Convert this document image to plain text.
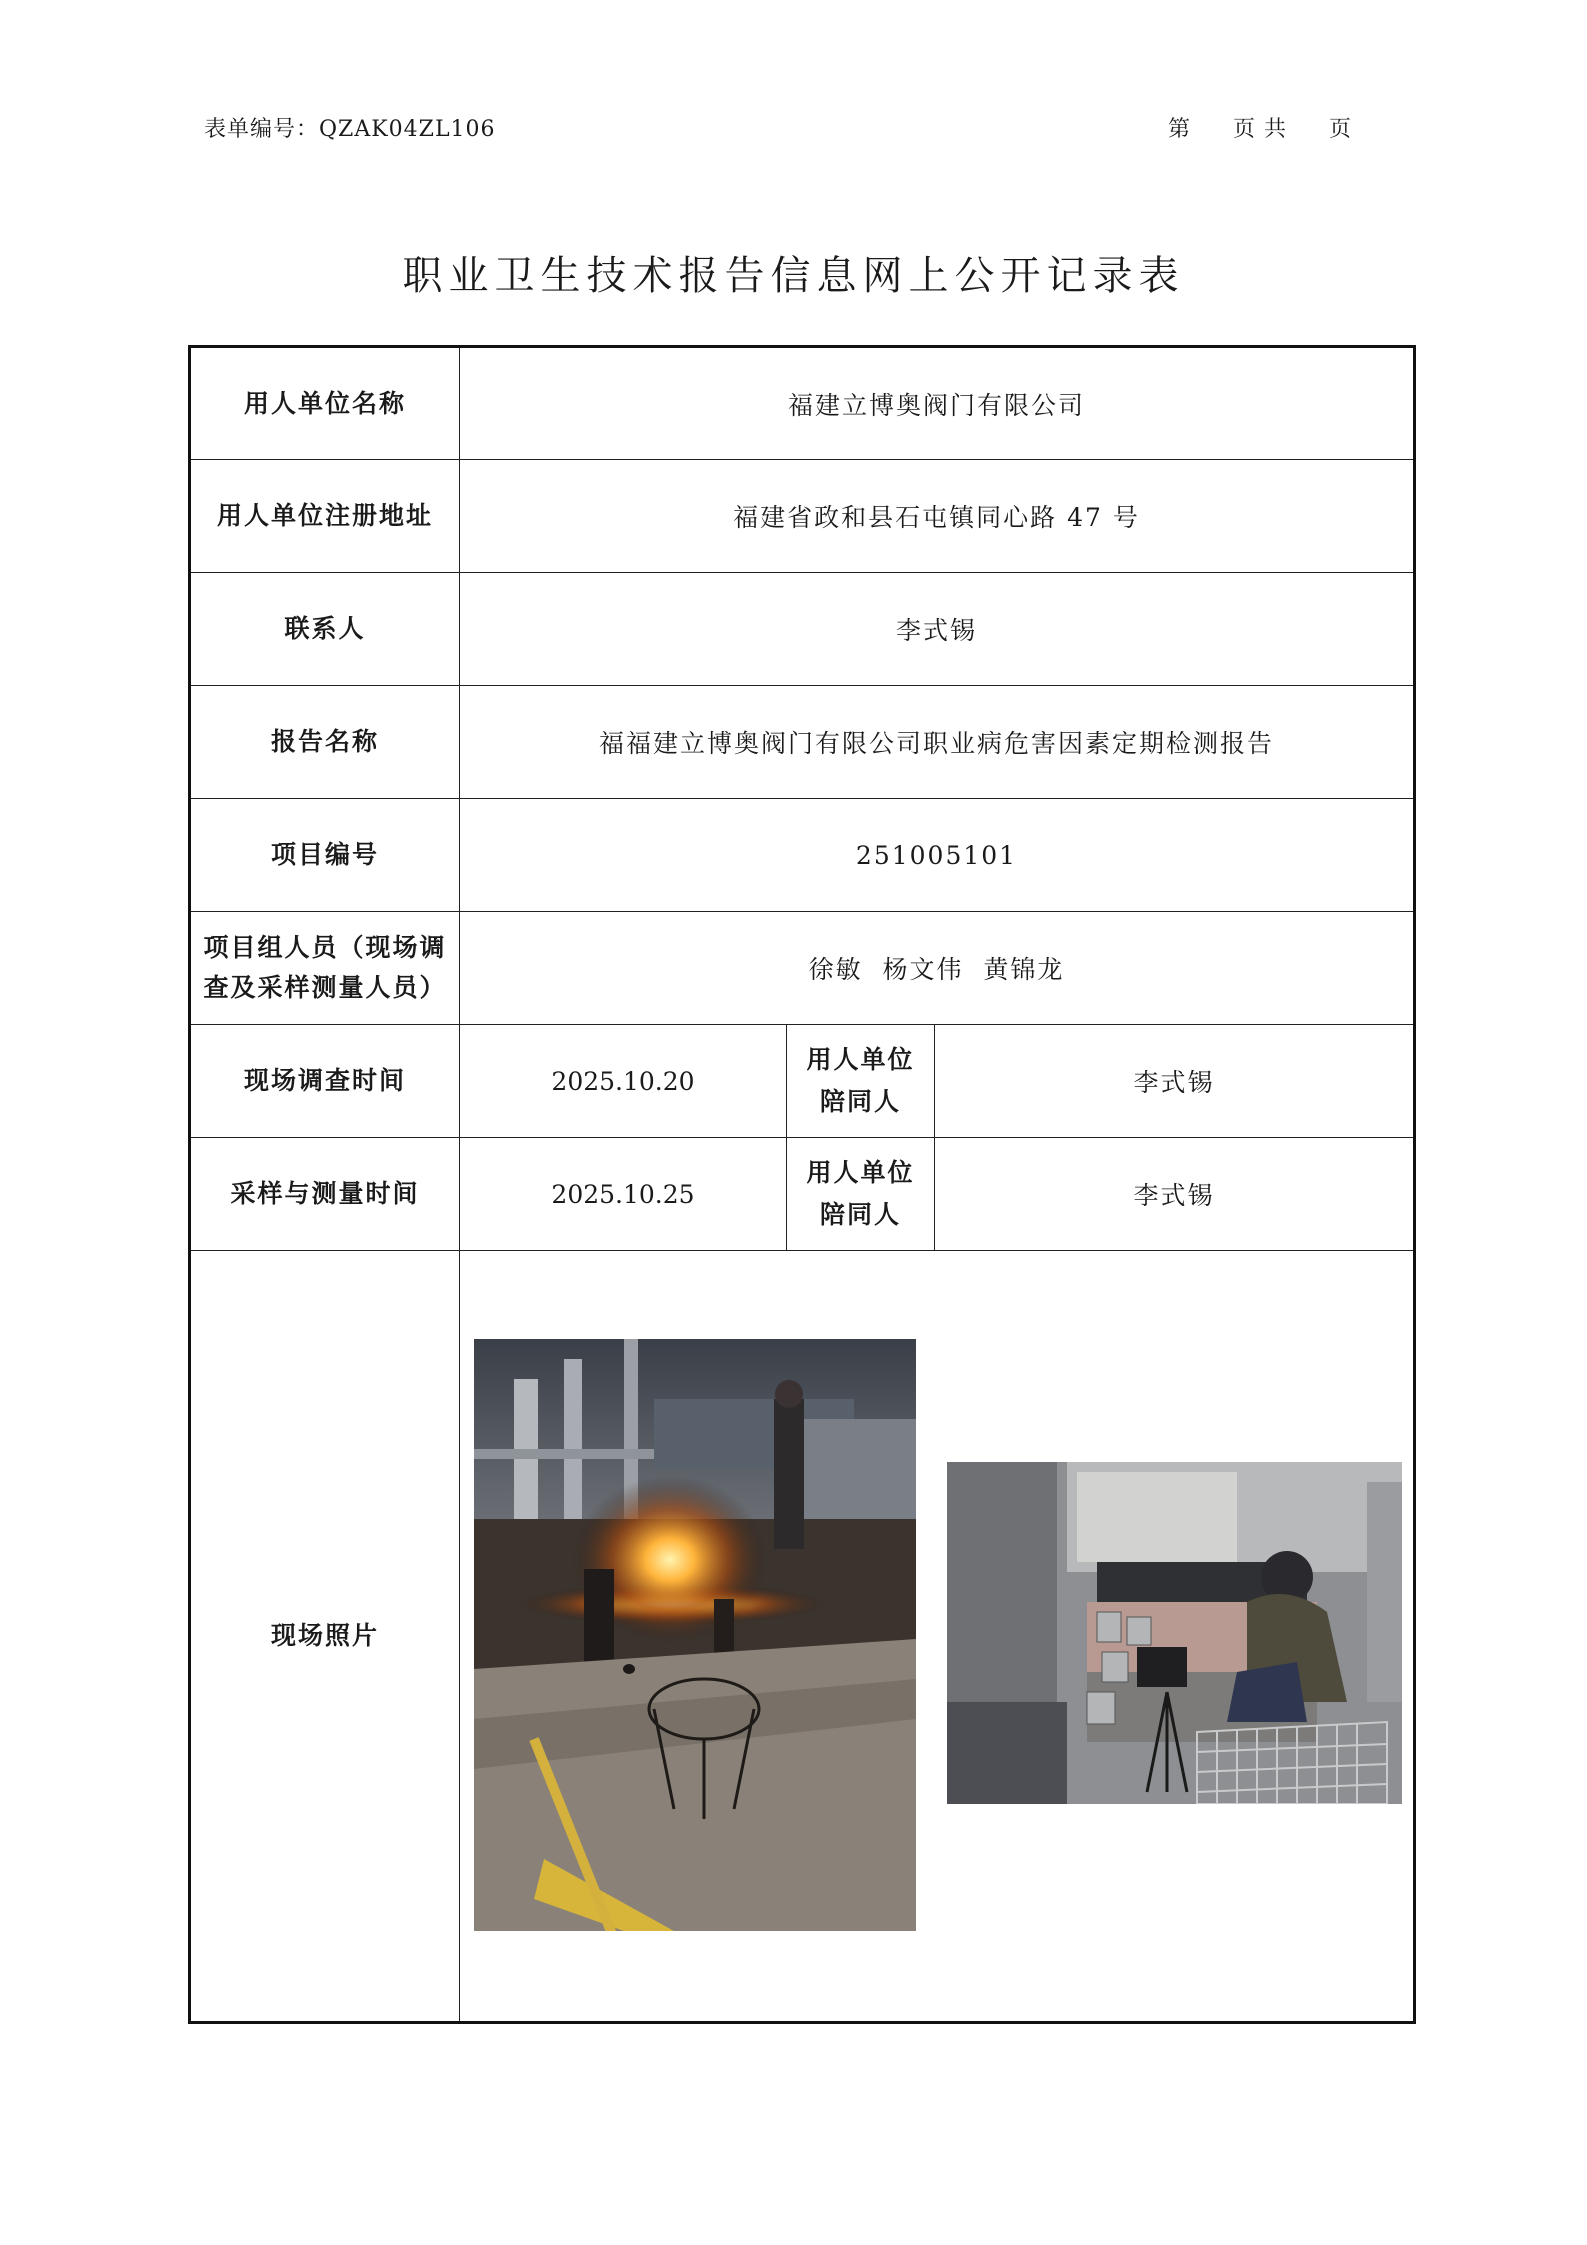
表单编号：QZAK04ZL106	第 页 共 页
职业卫生技术报告信息网上公开记录表
用人单位名称	福建立博奥阀门有限公司		
用人单位注册地址	福建省政和县石屯镇同心路 47 号		
联系人	李式锡		
报告名称	福福建立博奥阀门有限公司职业病危害因素定期检测报告		
项目编号	251005101		

项目组人员（现场调
查及采样测量人员）	徐敏  杨文伟  黄锦龙		
现场调查时间	2025.10.20	用人单位
陪同人	李式锡
采样与测量时间	2025.10.25	用人单位
陪同人	李式锡
现场照片	
